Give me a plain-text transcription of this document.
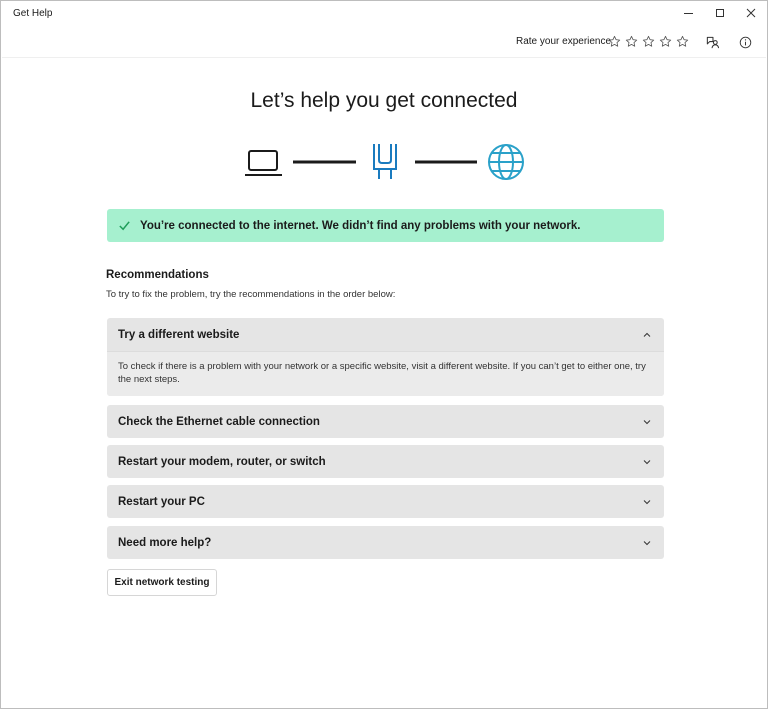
Get Help
Rate your experience
Let’s help you get connected
You’re connected to the internet. We didn’t find any problems with your network.
Recommendations
To try to fix the problem, try the recommendations in the order below:
Try a different website
To check if there is a problem with your network or a specific website, visit a different website. If you can’t get to either one, try the next steps.
Check the Ethernet cable connection
Restart your modem, router, or switch
Restart your PC
Need more help?
Exit network testing
